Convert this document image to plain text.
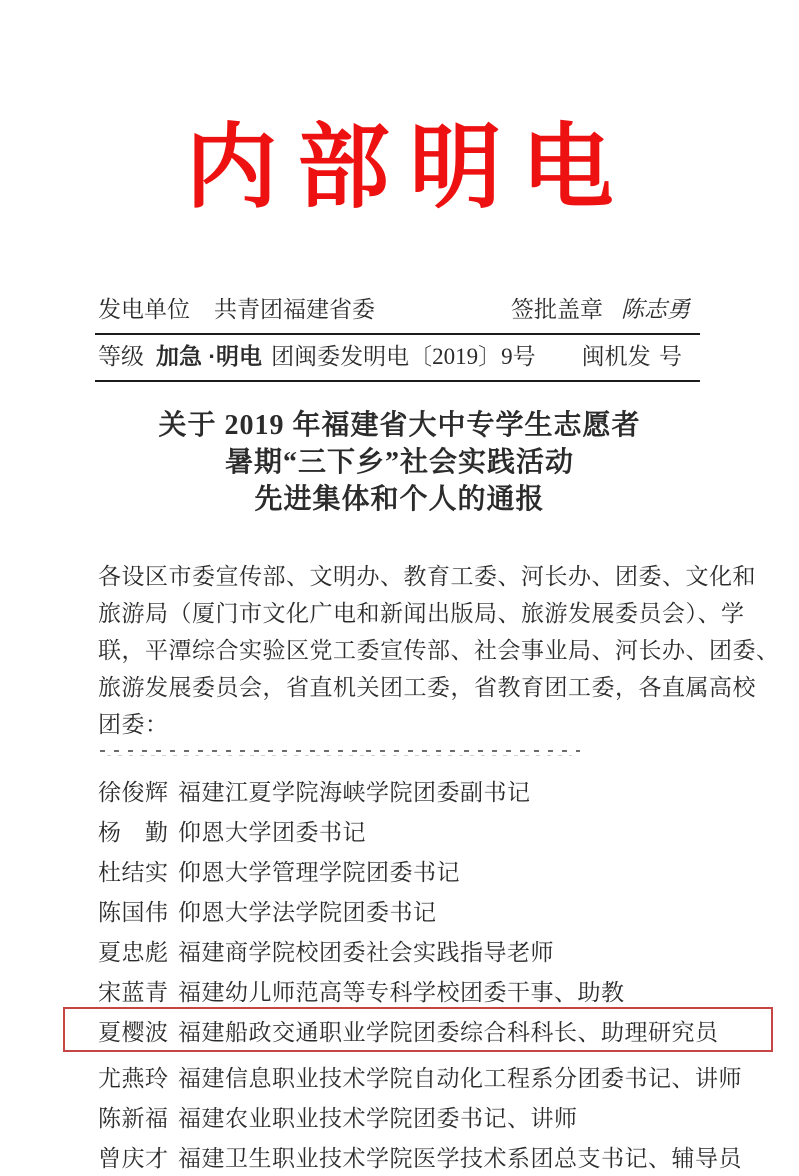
内部明电
发电单位 共青团福建省委	签批盖章 陈志勇
等级 加急 ·明电 团闽委发明电〔2019〕9号 闽机发 号
关于 2019 年福建省大中专学生志愿者
暑期“三下乡”社会实践活动
先进集体和个人的通报
各设区市委宣传部、文明办、教育工委、河长办、团委、文化和
旅游局（厦门市文化广电和新闻出版局、旅游发展委员会）、学
联，平潭综合实验区党工委宣传部、社会事业局、河长办、团委、
旅游发展委员会，省直机关团工委，省教育团工委，各直属高校
团委：
徐俊辉 福建江夏学院海峡学院团委副书记
杨　勤 仰恩大学团委书记
杜结实 仰恩大学管理学院团委书记
陈国伟 仰恩大学法学院团委书记
夏忠彪 福建商学院校团委社会实践指导老师
宋蓝青 福建幼儿师范高等专科学校团委干事、助教
夏樱波 福建船政交通职业学院团委综合科科长、助理研究员
尤燕玲 福建信息职业技术学院自动化工程系分团委书记、讲师
陈新福 福建农业职业技术学院团委书记、讲师
曾庆才 福建卫生职业技术学院医学技术系团总支书记、辅导员
